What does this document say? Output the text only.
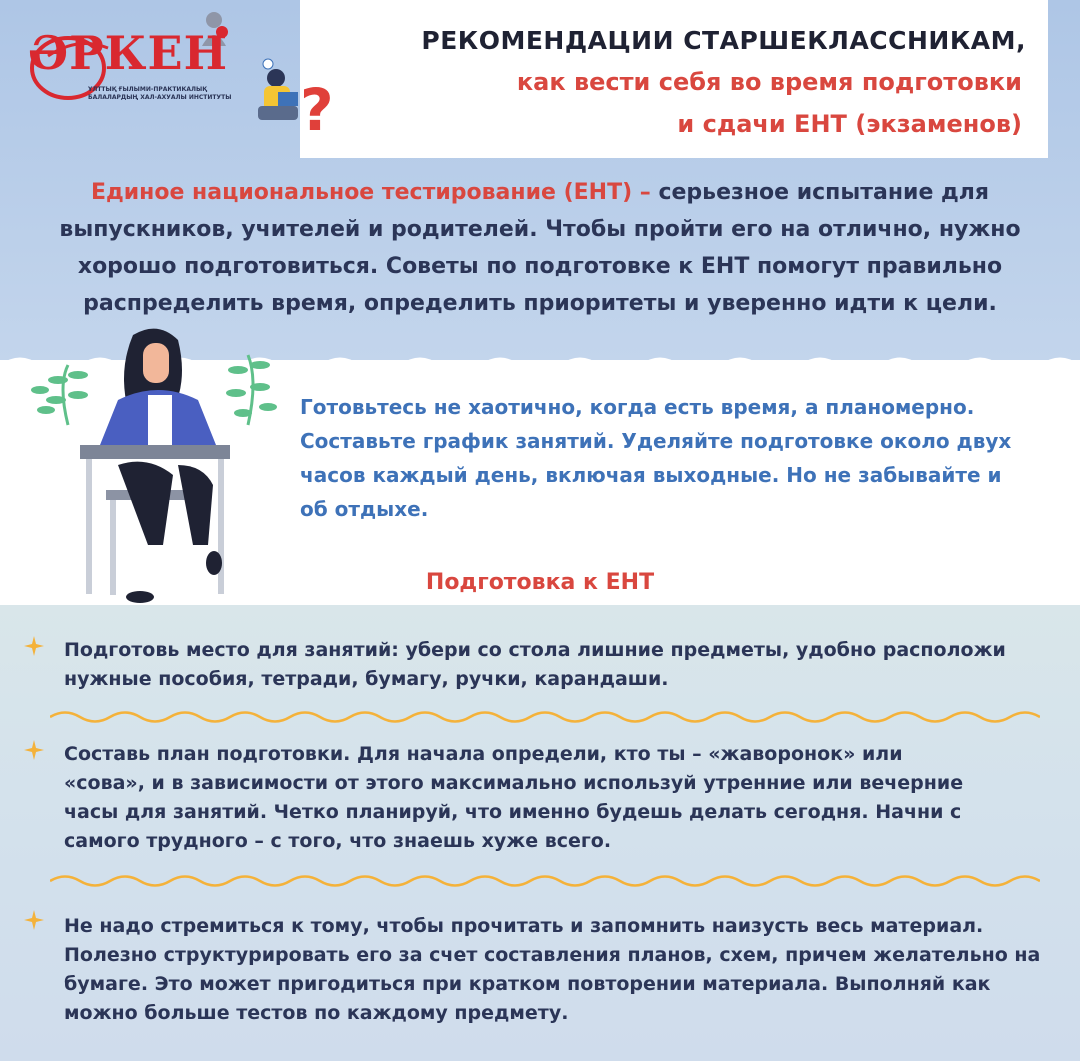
ӘРКЕН
ҰЛТТЫҚ ҒЫЛЫМИ-ПРАКТИКАЛЫҚ БАЛАЛАРДЫҢ ХАЛ-АХУАЛЫ ИНСТИТУТЫ ?
РЕКОМЕНДАЦИИ СТАРШЕКЛАССНИКАМ,
как вести себя во время подготовки
и сдачи ЕНТ (экзаменов)
Единое национальное тестирование (ЕНТ) – серьезное испытание для выпускников, учителей и родителей. Чтобы пройти его на отлично, нужно хорошо подготовиться. Советы по подготовке к ЕНТ помогут правильно распределить время, определить приоритеты и уверенно идти к цели.
Готовьтесь не хаотично, когда есть время, а планомерно. Составьте график занятий. Уделяйте подготовке около двух часов каждый день, включая выходные. Но не забывайте и об отдыхе.
Подготовка к ЕНТ
Подготовь место для занятий: убери со стола лишние предметы, удобно расположи нужные пособия, тетради, бумагу, ручки, карандаши.
Составь план подготовки. Для начала определи, кто ты – «жаворонок» или «сова», и в зависимости от этого максимально используй утренние или вечерние часы для занятий. Четко планируй, что именно будешь делать сегодня. Начни с самого трудного – с того, что знаешь хуже всего.
Не надо стремиться к тому, чтобы прочитать и запомнить наизусть весь материал. Полезно структурировать его за счет составления планов, схем, причем желательно на бумаге. Это может пригодиться при кратком повторении материала. Выполняй как можно больше тестов по каждому предмету.
